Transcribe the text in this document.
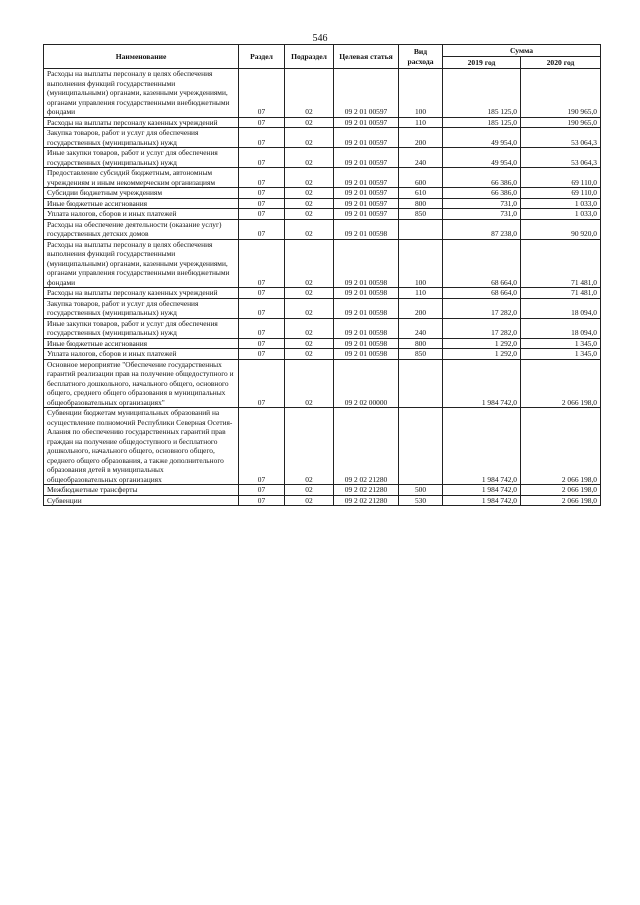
546
Наименование	Раздел	Подраздел	Целевая статья	Вид расхода	Сумма	
					2019 год	2020 год
Расходы на выплаты персоналу в целях обеспечения выполнения функций государственными (муниципальными) органами, казенными учреждениями, органами управления государственными внебюджетными фондами	07	02	09 2 01 00597	100	185 125,0	190 965,0
Расходы на выплаты персоналу казенных учреждений	07	02	09 2 01 00597	110	185 125,0	190 965,0
Закупка товаров, работ и услуг для обеспечения государственных (муниципальных) нужд	07	02	09 2 01 00597	200	49 954,0	53 064,3
Иные закупки товаров, работ и услуг для обеспечения государственных (муниципальных) нужд	07	02	09 2 01 00597	240	49 954,0	53 064,3
Предоставление субсидий бюджетным, автономным учреждениям и иным некоммерческим организациям	07	02	09 2 01 00597	600	66 386,0	69 110,0
Субсидии бюджетным учреждениям	07	02	09 2 01 00597	610	66 386,0	69 110,0
Иные бюджетные ассигнования	07	02	09 2 01 00597	800	731,0	1 033,0
Уплата налогов, сборов и иных платежей	07	02	09 2 01 00597	850	731,0	1 033,0
Расходы на обеспечение деятельности (оказание услуг) государственных детских домов	07	02	09 2 01 00598		87 238,0	90 920,0
Расходы на выплаты персоналу в целях обеспечения выполнения функций государственными (муниципальными) органами, казенными учреждениями, органами управления государственными внебюджетными фондами	07	02	09 2 01 00598	100	68 664,0	71 481,0
Расходы на выплаты персоналу казенных учреждений	07	02	09 2 01 00598	110	68 664,0	71 481,0
Закупка товаров, работ и услуг для обеспечения государственных (муниципальных) нужд	07	02	09 2 01 00598	200	17 282,0	18 094,0
Иные закупки товаров, работ и услуг для обеспечения государственных (муниципальных) нужд	07	02	09 2 01 00598	240	17 282,0	18 094,0
Иные бюджетные ассигнования	07	02	09 2 01 00598	800	1 292,0	1 345,0
Уплата налогов, сборов и иных платежей	07	02	09 2 01 00598	850	1 292,0	1 345,0
Основное мероприятие "Обеспечение государственных гарантий реализации прав на получение общедоступного и бесплатного дошкольного, начального общего, основного общего, среднего общего образования в муниципальных общеобразовательных организациях"	07	02	09 2 02 00000		1 984 742,0	2 066 198,0
Субвенции бюджетам муниципальных образований на осуществление полномочий Республики Северная Осетия-Алания по обеспечению государственных гарантий прав граждан на получение общедоступного и бесплатного дошкольного, начального общего, основного общего, среднего общего образования, а также дополнительного образования детей в муниципальных общеобразовательных организациях	07	02	09 2 02 21280		1 984 742,0	2 066 198,0
Межбюджетные трансферты	07	02	09 2 02 21280	500	1 984 742,0	2 066 198,0
Субвенции	07	02	09 2 02 21280	530	1 984 742,0	2 066 198,0
